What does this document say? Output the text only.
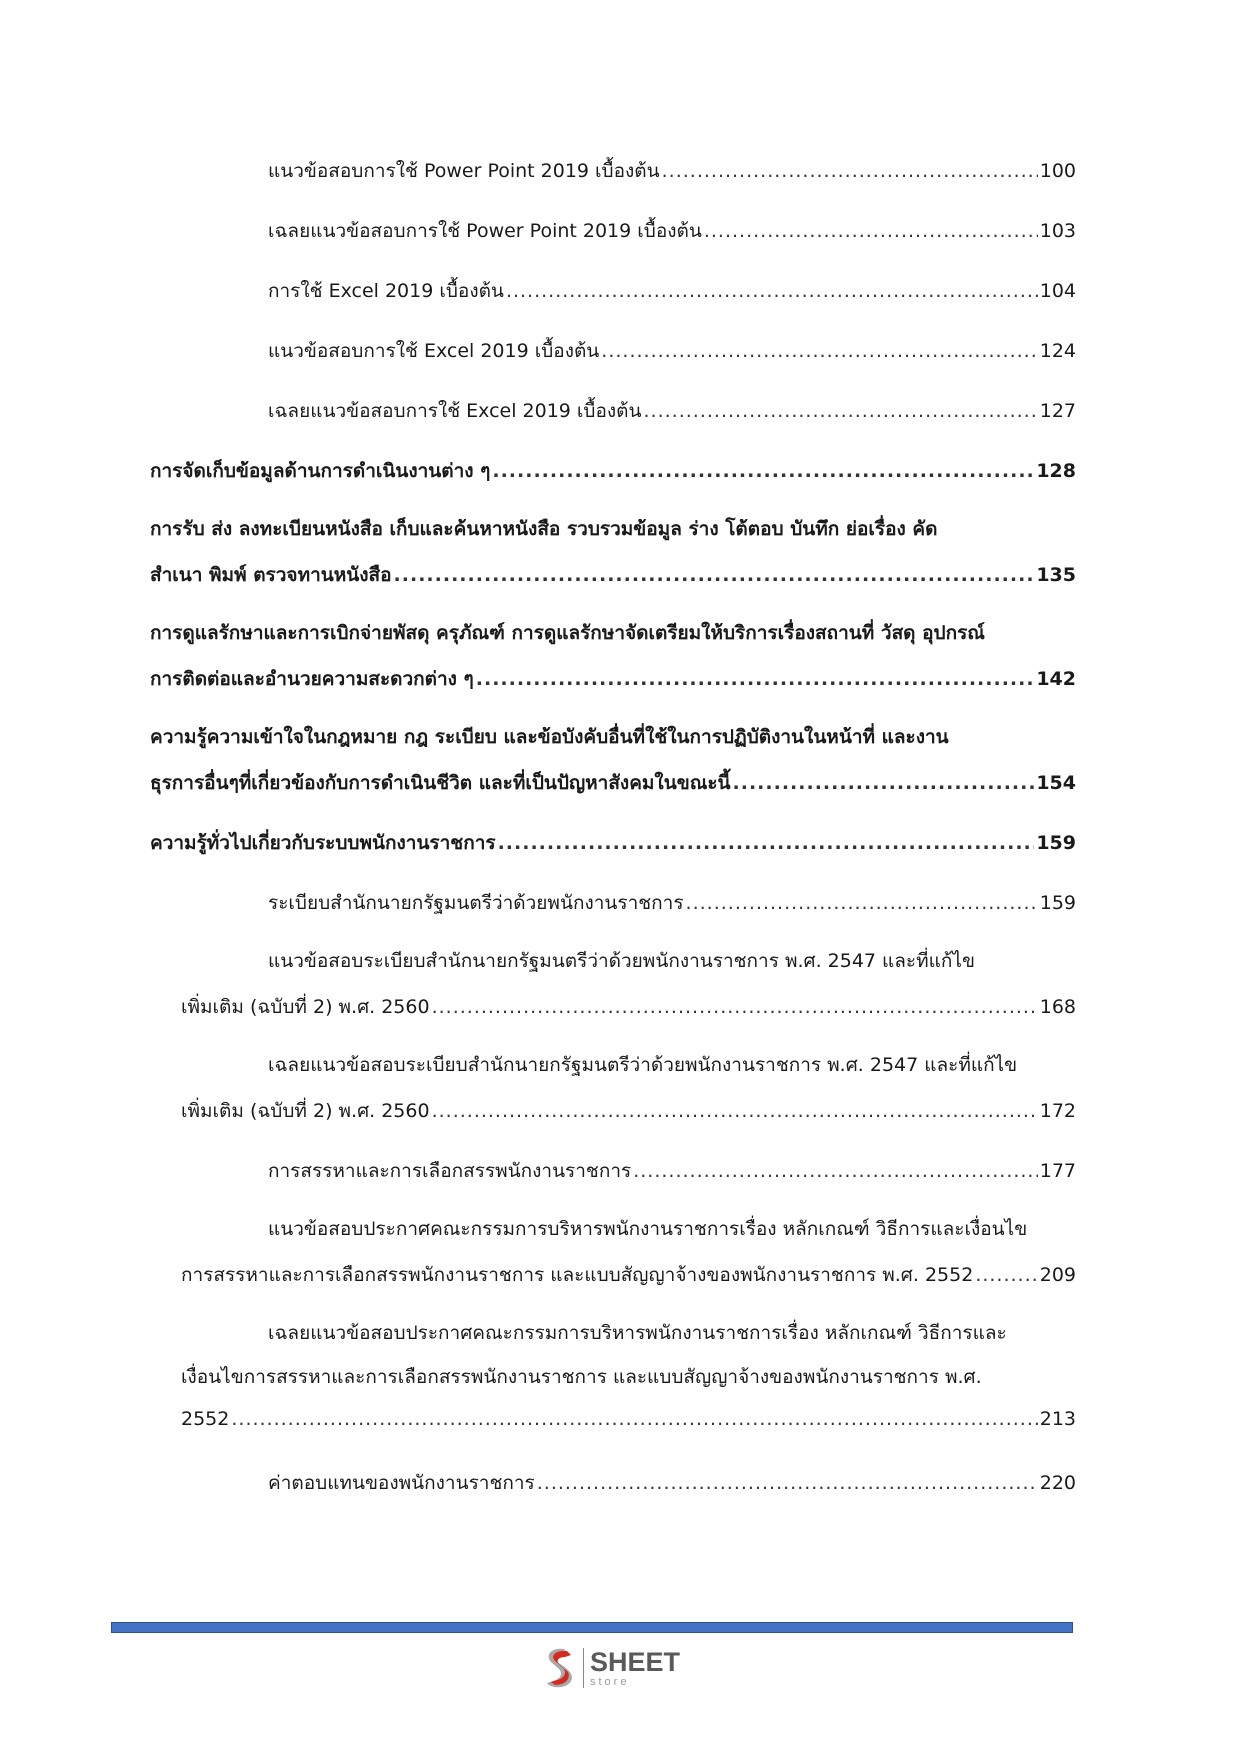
แนวข้อสอบการใช้ Power Point 2019 เบื้องต้น .....	100
เฉลยแนวข้อสอบการใช้ Power Point 2019 เบื้องต้น .....	103
การใช้ Excel 2019 เบื้องต้น .....	104
แนวข้อสอบการใช้ Excel 2019 เบื้องต้น .....	124
เฉลยแนวข้อสอบการใช้ Excel 2019 เบื้องต้น .....	127
การจัดเก็บข้อมูลด้านการดำเนินงานต่าง ๆ .....	128
การรับ ส่ง ลงทะเบียนหนังสือ เก็บและค้นหาหนังสือ รวบรวมข้อมูล ร่าง โต้ตอบ บันทึก ย่อเรื่อง คัด
สำเนา พิมพ์ ตรวจทานหนังสือ .....	135
การดูแลรักษาและการเบิกจ่ายพัสดุ ครุภัณฑ์ การดูแลรักษาจัดเตรียมให้บริการเรื่องสถานที่ วัสดุ อุปกรณ์
การติดต่อและอำนวยความสะดวกต่าง ๆ .....	142
ความรู้ความเข้าใจในกฎหมาย กฎ ระเบียบ และข้อบังคับอื่นที่ใช้ในการปฏิบัติงานในหน้าที่ และงาน
ธุรการอื่นๆที่เกี่ยวข้องกับการดำเนินชีวิต และที่เป็นปัญหาสังคมในขณะนี้ .....	154
ความรู้ทั่วไปเกี่ยวกับระบบพนักงานราชการ .....	159
ระเบียบสำนักนายกรัฐมนตรีว่าด้วยพนักงานราชการ .....	159
แนวข้อสอบระเบียบสำนักนายกรัฐมนตรีว่าด้วยพนักงานราชการ พ.ศ. 2547 และที่แก้ไข
เพิ่มเติม (ฉบับที่ 2) พ.ศ. 2560 .....	168
เฉลยแนวข้อสอบระเบียบสำนักนายกรัฐมนตรีว่าด้วยพนักงานราชการ พ.ศ. 2547 และที่แก้ไข
เพิ่มเติม (ฉบับที่ 2) พ.ศ. 2560 .....	172
การสรรหาและการเลือกสรรพนักงานราชการ .....	177
แนวข้อสอบประกาศคณะกรรมการบริหารพนักงานราชการเรื่อง หลักเกณฑ์ วิธีการและเงื่อนไข
การสรรหาและการเลือกสรรพนักงานราชการ และแบบสัญญาจ้างของพนักงานราชการ พ.ศ. 2552 .....	209
เฉลยแนวข้อสอบประกาศคณะกรรมการบริหารพนักงานราชการเรื่อง หลักเกณฑ์ วิธีการและ
เงื่อนไขการสรรหาและการเลือกสรรพนักงานราชการ และแบบสัญญาจ้างของพนักงานราชการ พ.ศ.
2552 .....	213
ค่าตอบแทนของพนักงานราชการ .....	220
SHEET
store
